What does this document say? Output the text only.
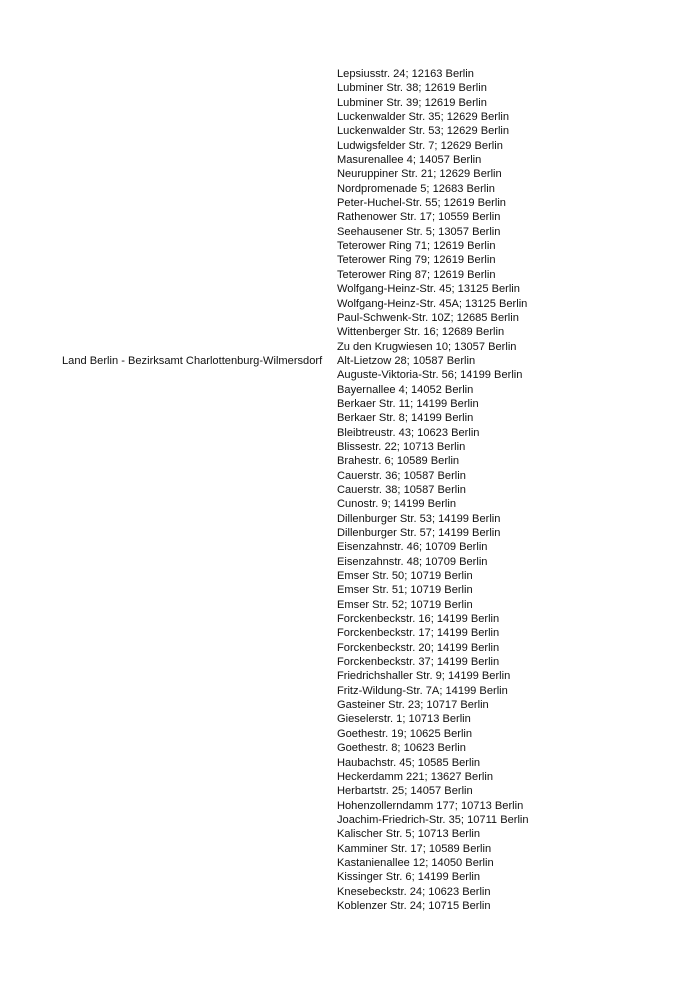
Land Berlin - Bezirksamt Charlottenburg-Wilmersdorf
Lepsiusstr. 24; 12163 Berlin
Lubminer Str. 38; 12619 Berlin
Lubminer Str. 39; 12619 Berlin
Luckenwalder Str. 35; 12629 Berlin
Luckenwalder Str. 53; 12629 Berlin
Ludwigsfelder Str. 7; 12629 Berlin
Masurenallee 4; 14057 Berlin
Neuruppiner Str. 21; 12629 Berlin
Nordpromenade 5; 12683 Berlin
Peter-Huchel-Str. 55; 12619 Berlin
Rathenower Str. 17; 10559 Berlin
Seehausener Str. 5; 13057 Berlin
Teterower Ring 71; 12619 Berlin
Teterower Ring 79; 12619 Berlin
Teterower Ring 87; 12619 Berlin
Wolfgang-Heinz-Str. 45; 13125 Berlin
Wolfgang-Heinz-Str. 45A; 13125 Berlin
Paul-Schwenk-Str. 10Z; 12685 Berlin
Wittenberger Str. 16; 12689 Berlin
Zu den Krugwiesen 10; 13057 Berlin
Alt-Lietzow 28; 10587 Berlin
Auguste-Viktoria-Str. 56; 14199 Berlin
Bayernallee 4; 14052 Berlin
Berkaer Str. 11; 14199 Berlin
Berkaer Str. 8; 14199 Berlin
Bleibtreustr. 43; 10623 Berlin
Blissestr. 22; 10713 Berlin
Brahestr. 6; 10589 Berlin
Cauerstr. 36; 10587 Berlin
Cauerstr. 38; 10587 Berlin
Cunostr. 9; 14199 Berlin
Dillenburger Str. 53; 14199 Berlin
Dillenburger Str. 57; 14199 Berlin
Eisenzahnstr. 46; 10709 Berlin
Eisenzahnstr. 48; 10709 Berlin
Emser Str. 50; 10719 Berlin
Emser Str. 51; 10719 Berlin
Emser Str. 52; 10719 Berlin
Forckenbeckstr. 16; 14199 Berlin
Forckenbeckstr. 17; 14199 Berlin
Forckenbeckstr. 20; 14199 Berlin
Forckenbeckstr. 37; 14199 Berlin
Friedrichshaller Str. 9; 14199 Berlin
Fritz-Wildung-Str. 7A; 14199 Berlin
Gasteiner Str. 23; 10717 Berlin
Gieselerstr. 1; 10713 Berlin
Goethestr. 19; 10625 Berlin
Goethestr. 8; 10623 Berlin
Haubachstr. 45; 10585 Berlin
Heckerdamm 221; 13627 Berlin
Herbartstr. 25; 14057 Berlin
Hohenzollerndamm 177; 10713 Berlin
Joachim-Friedrich-Str. 35; 10711 Berlin
Kalischer Str. 5; 10713 Berlin
Kamminer Str. 17; 10589 Berlin
Kastanienallee 12; 14050 Berlin
Kissinger Str. 6; 14199 Berlin
Knesebeckstr. 24; 10623 Berlin
Koblenzer Str. 24; 10715 Berlin
